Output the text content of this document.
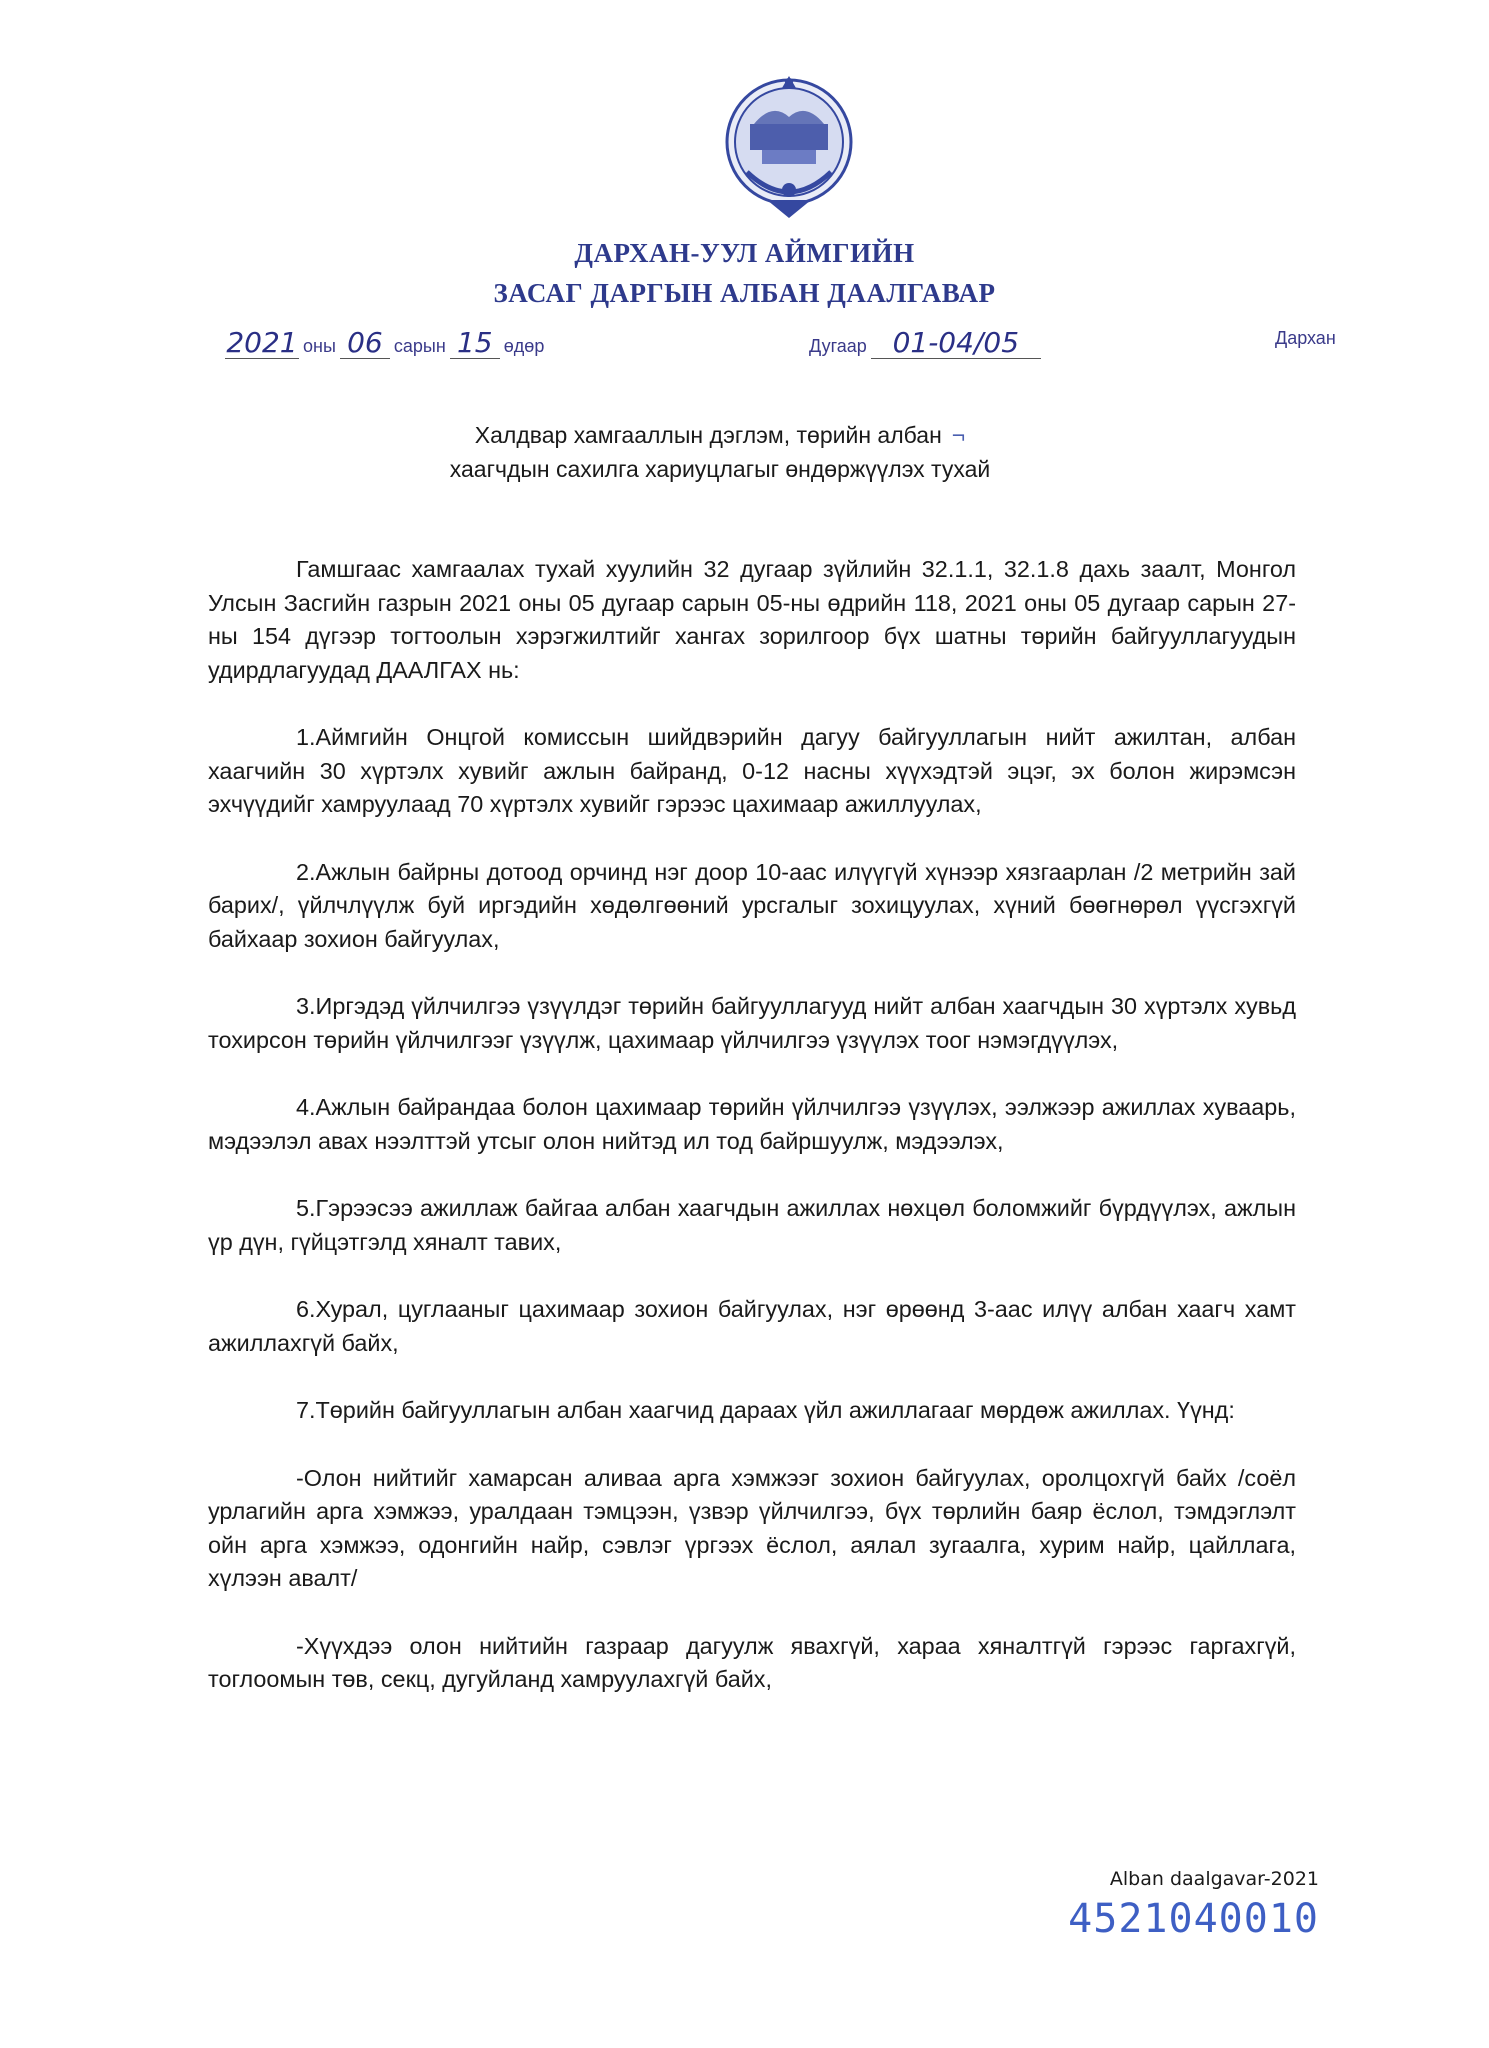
ДАРХАН-УУЛ АЙМГИЙН
ЗАСАГ ДАРГЫН АЛБАН ДААЛГАВАР
2021 оны 06 сарын 15 өдөр	Дугаар 01-04/05	Дархан
Халдвар хамгааллын дэглэм, төрийн албан ¬
хаагчдын сахилга хариуцлагыг өндөржүүлэх тухай

Гамшгаас хамгаалах тухай хуулийн 32 дугаар зүйлийн 32.1.1, 32.1.8 дахь заалт, Монгол Улсын Засгийн газрын 2021 оны 05 дугаар сарын 05-ны өдрийн 118, 2021 оны 05 дугаар сарын 27-ны 154 дүгээр тогтоолын хэрэгжилтийг хангах зорилгоор бүх шатны төрийн байгууллагуудын удирдлагуудад ДААЛГАХ нь:

1.Аймгийн Онцгой комиссын шийдвэрийн дагуу байгууллагын нийт ажилтан, албан хаагчийн 30 хүртэлх хувийг ажлын байранд, 0-12 насны хүүхэдтэй эцэг, эх болон жирэмсэн эхчүүдийг хамруулаад 70 хүртэлх хувийг гэрээс цахимаар ажиллуулах,

2.Ажлын байрны дотоод орчинд нэг доор 10-аас илүүгүй хүнээр хязгаарлан /2 метрийн зай барих/, үйлчлүүлж буй иргэдийн хөдөлгөөний урсгалыг зохицуулах, хүний бөөгнөрөл үүсгэхгүй байхаар зохион байгуулах,

3.Иргэдэд үйлчилгээ үзүүлдэг төрийн байгууллагууд нийт албан хаагчдын 30 хүртэлх хувьд тохирсон төрийн үйлчилгээг үзүүлж, цахимаар үйлчилгээ үзүүлэх тоог нэмэгдүүлэх,

4.Ажлын байрандаа болон цахимаар төрийн үйлчилгээ үзүүлэх, ээлжээр ажиллах хуваарь, мэдээлэл авах нээлттэй утсыг олон нийтэд ил тод байршуулж, мэдээлэх,

5.Гэрээсээ ажиллаж байгаа албан хаагчдын ажиллах нөхцөл боломжийг бүрдүүлэх, ажлын үр дүн, гүйцэтгэлд хяналт тавих,

6.Хурал, цуглааныг цахимаар зохион байгуулах, нэг өрөөнд 3-аас илүү албан хаагч хамт ажиллахгүй байх,

7.Төрийн байгууллагын албан хаагчид дараах үйл ажиллагааг мөрдөж ажиллах. Үүнд:

-Олон нийтийг хамарсан аливаа арга хэмжээг зохион байгуулах, оролцохгүй байх /соёл урлагийн арга хэмжээ, уралдаан тэмцээн, үзвэр үйлчилгээ, бүх төрлийн баяр ёслол, тэмдэглэлт ойн арга хэмжээ, одонгийн найр, сэвлэг үргээх ёслол, аялал зугаалга, хурим найр, цайллага, хүлээн авалт/

-Хүүхдээ олон нийтийн газраар дагуулж явахгүй, хараа хяналтгүй гэрээс гаргахгүй, тоглоомын төв, секц, дугуйланд хамруулахгүй байх,

Alban daalgavar-2021
4521040010
